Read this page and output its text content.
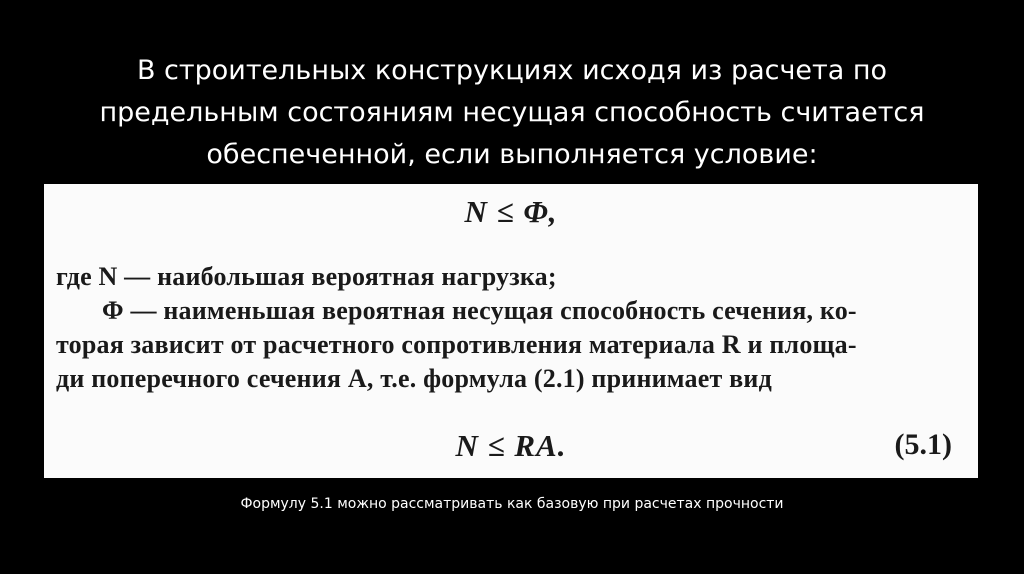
В строительных конструкциях исходя из расчета по
предельным состояниям несущая способность считается
обеспеченной, если выполняется условие:
N ≤ Φ,
где N — наибольшая вероятная нагрузка;
Φ — наименьшая вероятная несущая способность сечения, ко-
торая зависит от расчетного сопротивления материала R и площа-
ди поперечного сечения A, т.е. формула (2.1) принимает вид
N ≤ RA.	(5.1)
Формулу 5.1 можно рассматривать как базовую при расчетах прочности
